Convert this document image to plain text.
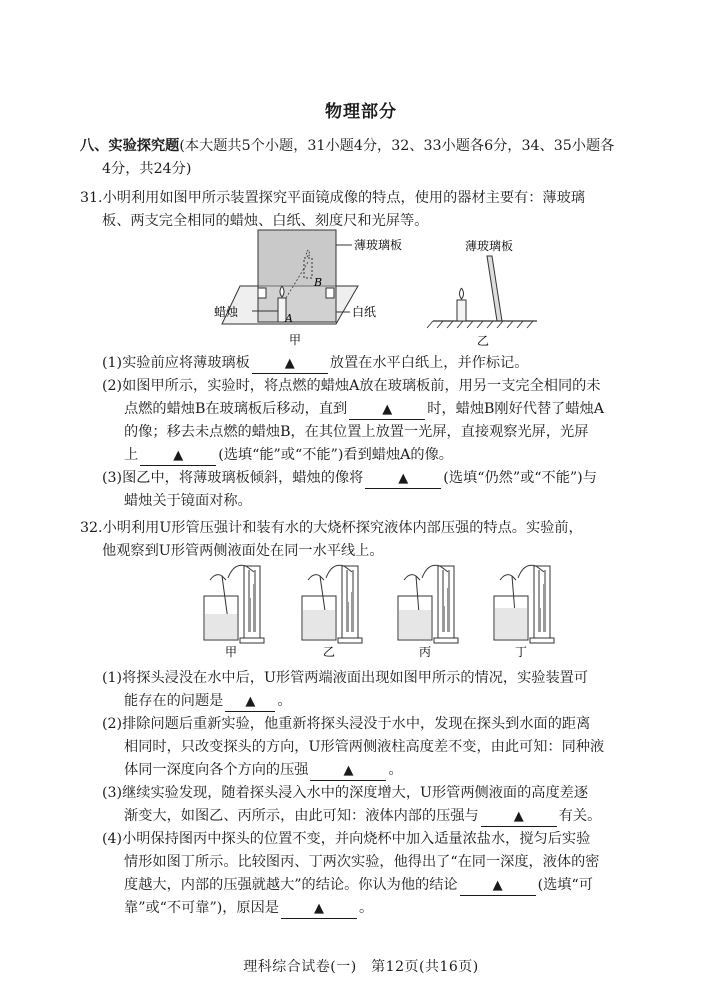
物理部分
八、实验探究题(本大题共5个小题，31小题4分，32、33小题各6分，34、35小题各
4分，共24分)
31.小明利用如图甲所示装置探究平面镜成像的特点，使用的器材主要有：薄玻璃
板、两支完全相同的蜡烛、白纸、刻度尺和光屏等。
薄玻璃板
白纸
蜡烛	A
B
甲
薄玻璃板
乙
(1)实验前应将薄玻璃板	▲ 放置在水平白纸上，并作标记。
(2)如图甲所示，实验时，将点燃的蜡烛A放在玻璃板前，用另一支完全相同的未
点燃的蜡烛B在玻璃板后移动，直到	▲ 时，蜡烛B刚好代替了蜡烛A
的像；移去未点燃的蜡烛B，在其位置上放置一光屏，直接观察光屏，光屏
上	▲ (选填“能”或“不能”)看到蜡烛A的像。
(3)图乙中，将薄玻璃板倾斜，蜡烛的像将	▲ (选填“仍然”或“不能”)与
蜡烛关于镜面对称。
32.小明利用U形管压强计和装有水的大烧杯探究液体内部压强的特点。实验前，
他观察到U形管两侧液面处在同一水平线上。
甲	乙	丙	丁
(1)将探头浸没在水中后，U形管两端液面出现如图甲所示的情况，实验装置可
能存在的问题是 ▲ 。
(2)排除问题后重新实验，他重新将探头浸没于水中，发现在探头到水面的距离
相同时，只改变探头的方向，U形管两侧液柱高度差不变，由此可知：同种液
体同一深度向各个方向的压强	▲ 。
(3)继续实验发现，随着探头浸入水中的深度增大，U形管两侧液面的高度差逐
渐变大，如图乙、丙所示，由此可知：液体内部的压强与	▲ 有关。
(4)小明保持图丙中探头的位置不变，并向烧杯中加入适量浓盐水，搅匀后实验
情形如图丁所示。比较图丙、丁两次实验，他得出了“在同一深度，液体的密
度越大，内部的压强就越大”的结论。你认为他的结论	▲ (选填“可
靠”或“不可靠”)，原因是	▲ 。
理科综合试卷(一)　第12页(共16页)
